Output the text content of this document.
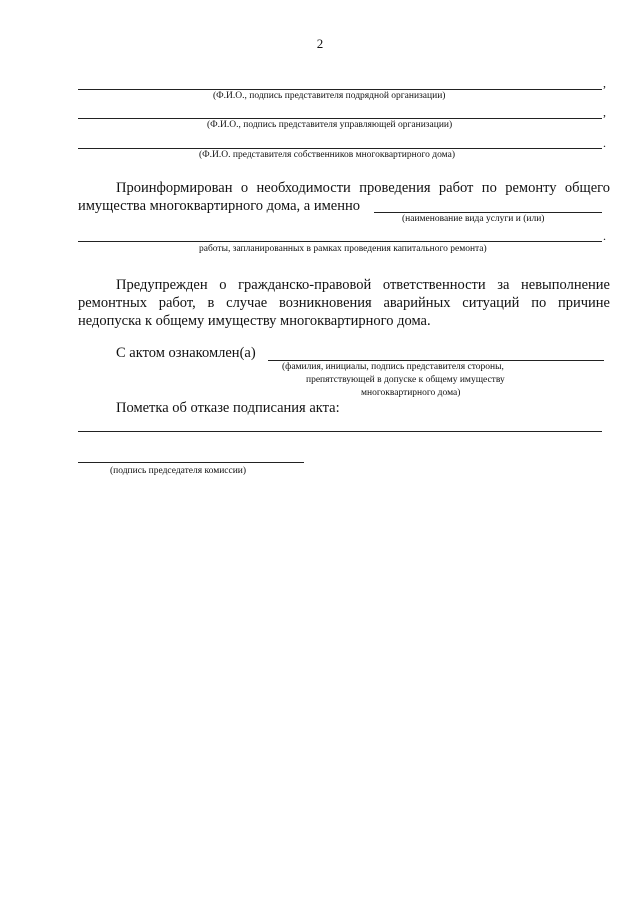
2
,
(Ф.И.О., подпись представителя подрядной организации)
,
(Ф.И.О., подпись представителя управляющей организации)
.
(Ф.И.О. представителя собственников многоквартирного дома)
Проинформирован о необходимости проведения работ по ремонту общего
имущества многоквартирного дома, а именно
(наименование вида услуги и (или)
.
работы, запланированных в рамках проведения капитального ремонта)
Предупрежден о гражданско-правовой ответственности за невыполнение
ремонтных работ, в случае возникновения аварийных ситуаций по причине
недопуска к общему имуществу многоквартирного дома.
С актом ознакомлен(а)
(фамилия, инициалы, подпись представителя стороны,
препятствующей в допуске к общему имуществу
многоквартирного дома)
Пометка об отказе подписания акта:
(подпись председателя комиссии)
